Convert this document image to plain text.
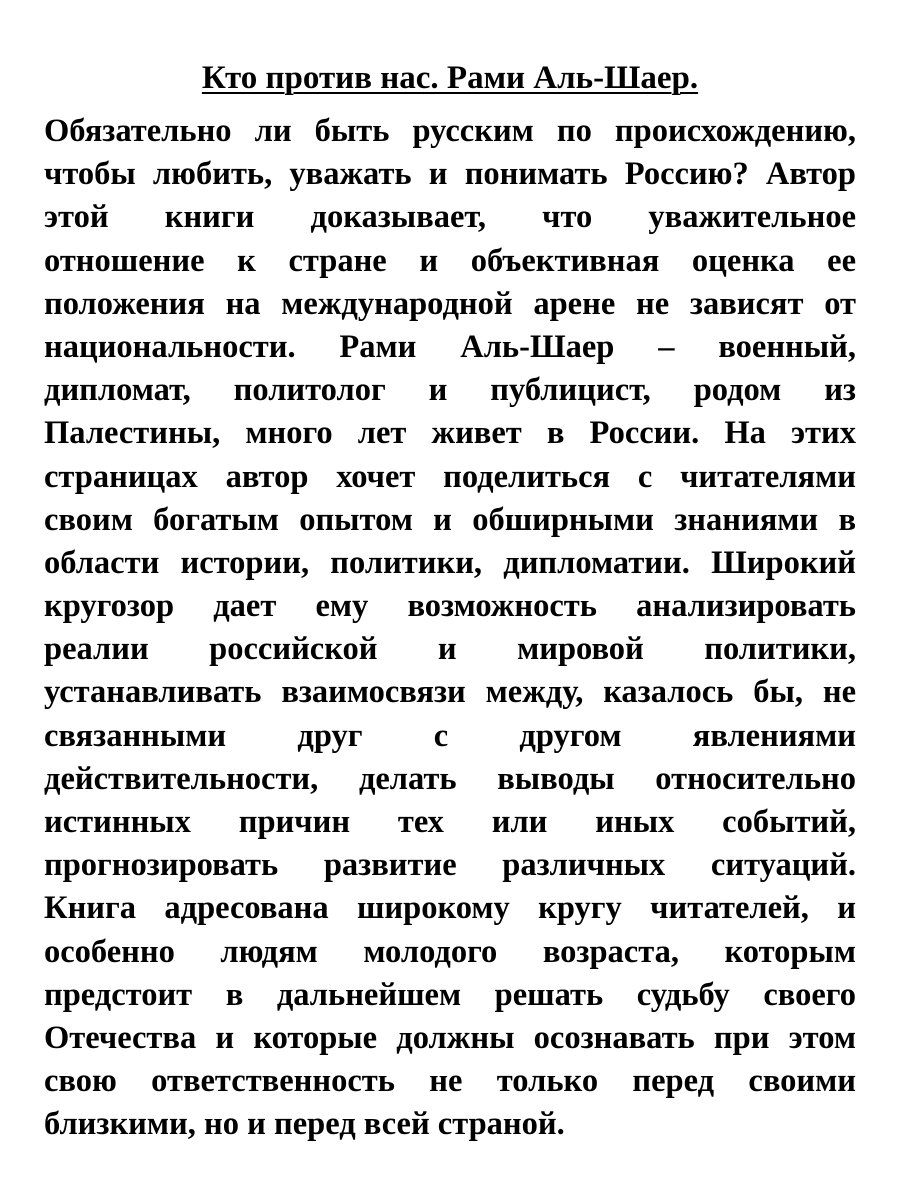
Кто против нас. Рами Аль-Шаер.
Обязательно ли быть русским по происхождению,
чтобы любить, уважать и понимать Россию? Автор
этой книги доказывает, что уважительное
отношение к стране и объективная оценка ее
положения на международной арене не зависят от
национальности. Рами Аль-Шаер – военный,
дипломат, политолог и публицист, родом из
Палестины, много лет живет в России. На этих
страницах автор хочет поделиться с читателями
своим богатым опытом и обширными знаниями в
области истории, политики, дипломатии. Широкий
кругозор дает ему возможность анализировать
реалии российской и мировой политики,
устанавливать взаимосвязи между, казалось бы, не
связанными друг с другом явлениями
действительности, делать выводы относительно
истинных причин тех или иных событий,
прогнозировать развитие различных ситуаций.
Книга адресована широкому кругу читателей, и
особенно людям молодого возраста, которым
предстоит в дальнейшем решать судьбу своего
Отечества и которые должны осознавать при этом
свою ответственность не только перед своими
близкими, но и перед всей страной.
